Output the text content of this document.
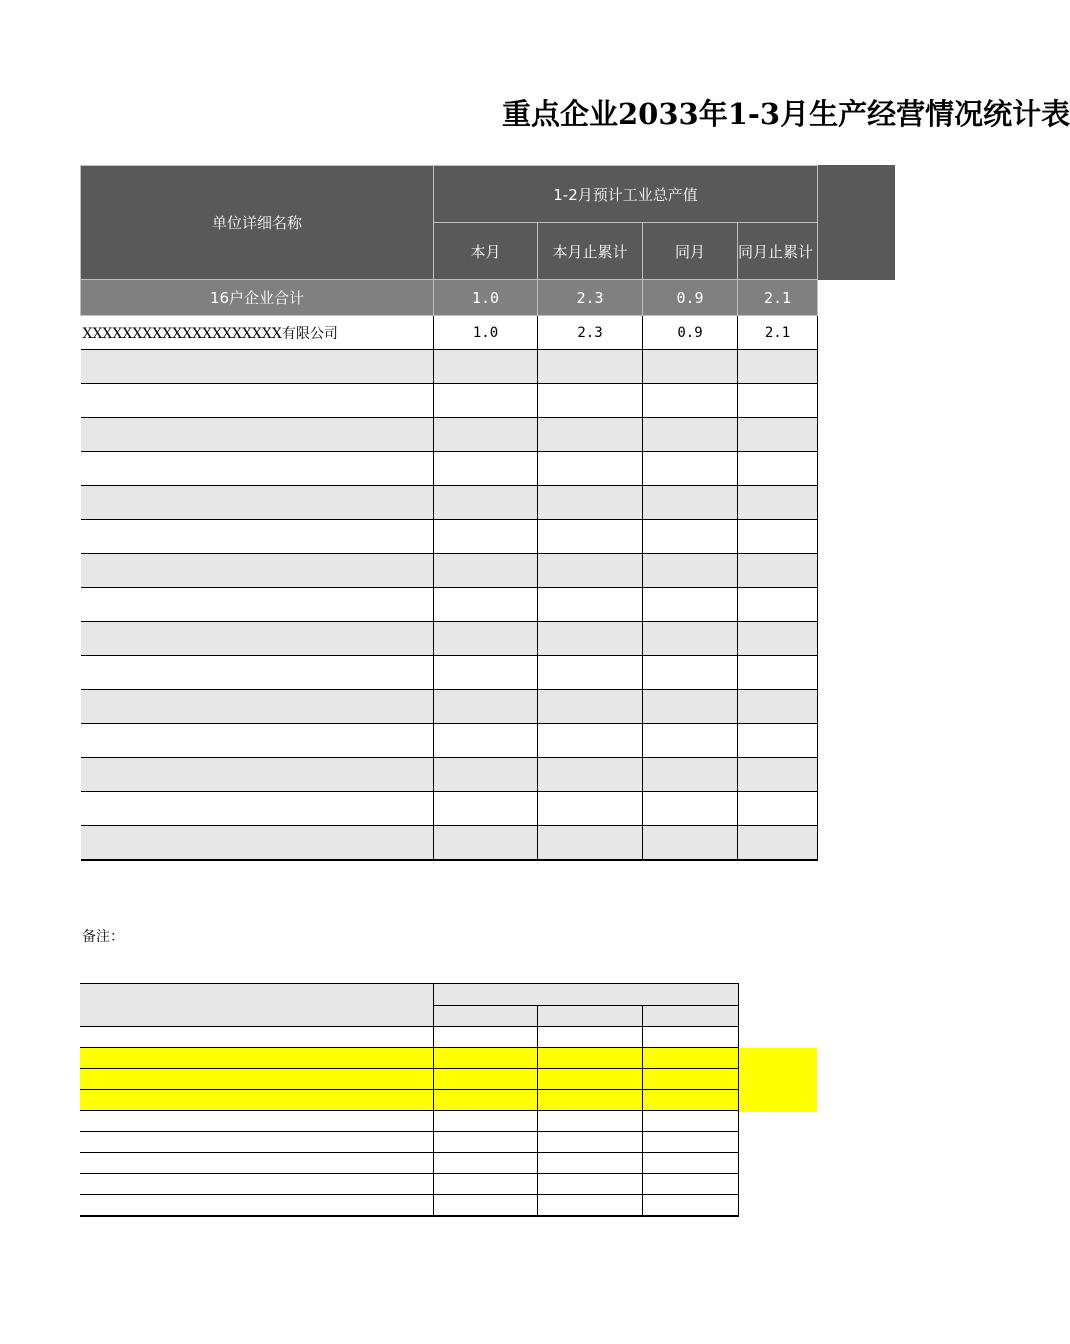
重点企业2033年1-3月生产经营情况统计表
单位详细名称	1-2月预计工业总产值			
	本月	本月止累计	同月	同月止累计
16户企业合计	1.0	2.3	0.9	2.1
XXXXXXXXXXXXXXXXXXXX有限公司	1.0	2.3	0.9	2.1

备注：
